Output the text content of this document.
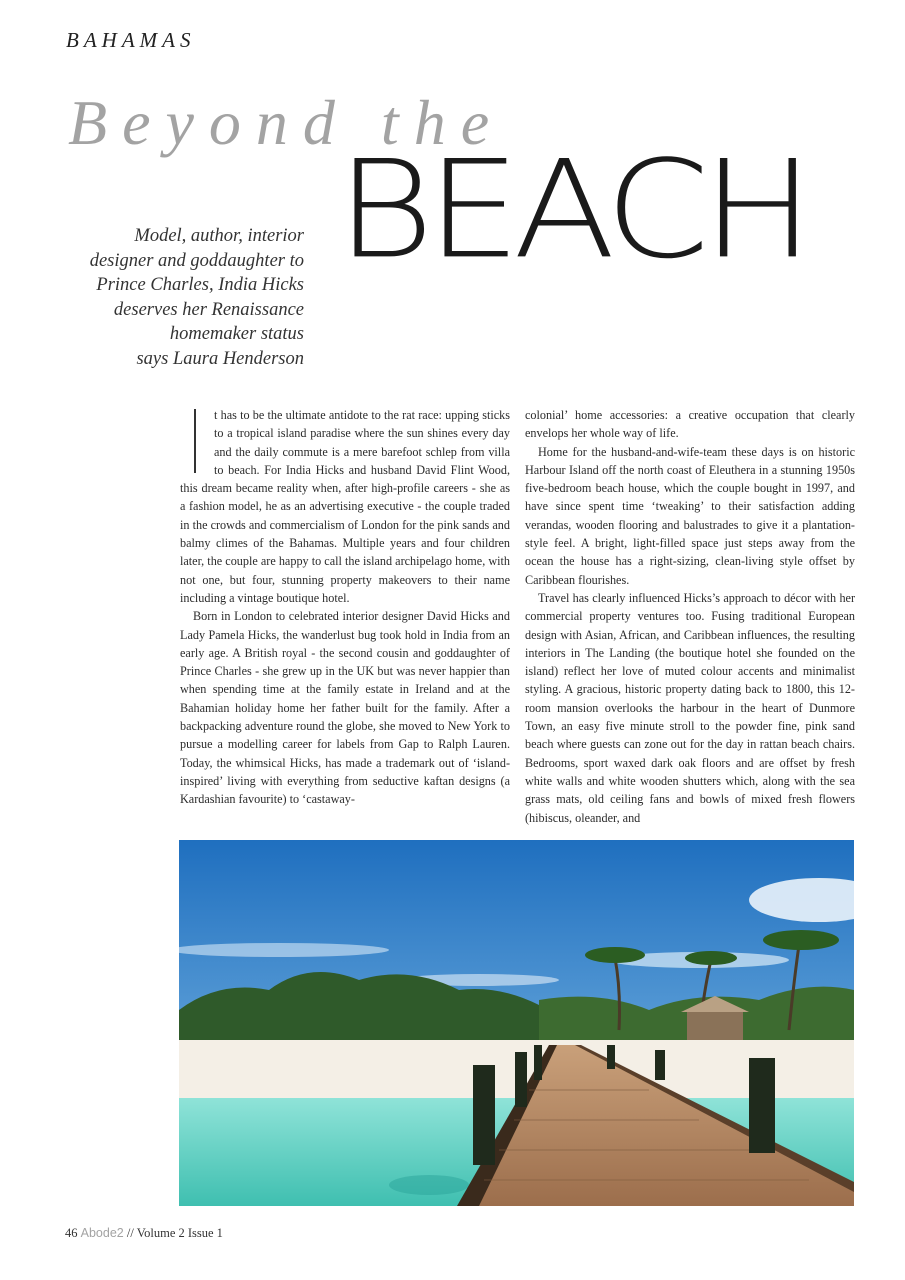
BAHAMAS
Beyond the
BEACH

Model, author, interior

designer and goddaughter to

Prince Charles, India Hicks

deserves her Renaissance

homemaker status

says Laura Henderson

t has to be the ultimate antidote to the rat race: upping sticks to a tropical island paradise where the sun shines every day and the daily commute is a mere barefoot schlep from villa to beach. For India Hicks and husband David Flint Wood, this dream became reality when, after high-profile careers - she as a fashion model, he as an advertising executive - the couple traded in the crowds and commercialism of London for the pink sands and balmy climes of the Bahamas. Multiple years and four children later, the couple are happy to call the island archipelago home, with not one, but four, stunning property makeovers to their name including a vintage boutique hotel.

Born in London to celebrated interior designer David Hicks and Lady Pamela Hicks, the wanderlust bug took hold in India from an early age. A British royal - the second cousin and goddaughter of Prince Charles - she grew up in the UK but was never happier than when spending time at the family estate in Ireland and at the Bahamian holiday home her father built for the family. After a backpacking adventure round the globe, she moved to New York to pursue a modelling career for labels from Gap to Ralph Lauren. Today, the whimsical Hicks, has made a trademark out of ‘island-inspired’ living with everything from seductive kaftan designs (a Kardashian favourite) to ‘castaway-

colonial’ home accessories: a creative occupation that clearly envelops her whole way of life.

Home for the husband-and-wife-team these days is on historic Harbour Island off the north coast of Eleuthera in a stunning 1950s five-bedroom beach house, which the couple bought in 1997, and have since spent time ‘tweaking’ to their satisfaction adding verandas, wooden flooring and balustrades to give it a plantation-style feel. A bright, light-filled space just steps away from the ocean the house has a right-sizing, clean-living style offset by Caribbean flourishes.

Travel has clearly influenced Hicks’s approach to décor with her commercial property ventures too. Fusing traditional European design with Asian, African, and Caribbean influences, the resulting interiors in The Landing (the boutique hotel she founded on the island) reflect her love of muted colour accents and minimalist styling. A gracious, historic property dating back to 1800, this 12-room mansion overlooks the harbour in the heart of Dunmore Town, an easy five minute stroll to the powder fine, pink sand beach where guests can zone out for the day in rattan beach chairs. Bedrooms, sport waxed dark oak floors and are offset by fresh white walls and white wooden shutters which, along with the sea grass mats, old ceiling fans and bowls of mixed fresh flowers (hibiscus, oleander, and

46 Abode2 // Volume 2 Issue 1
